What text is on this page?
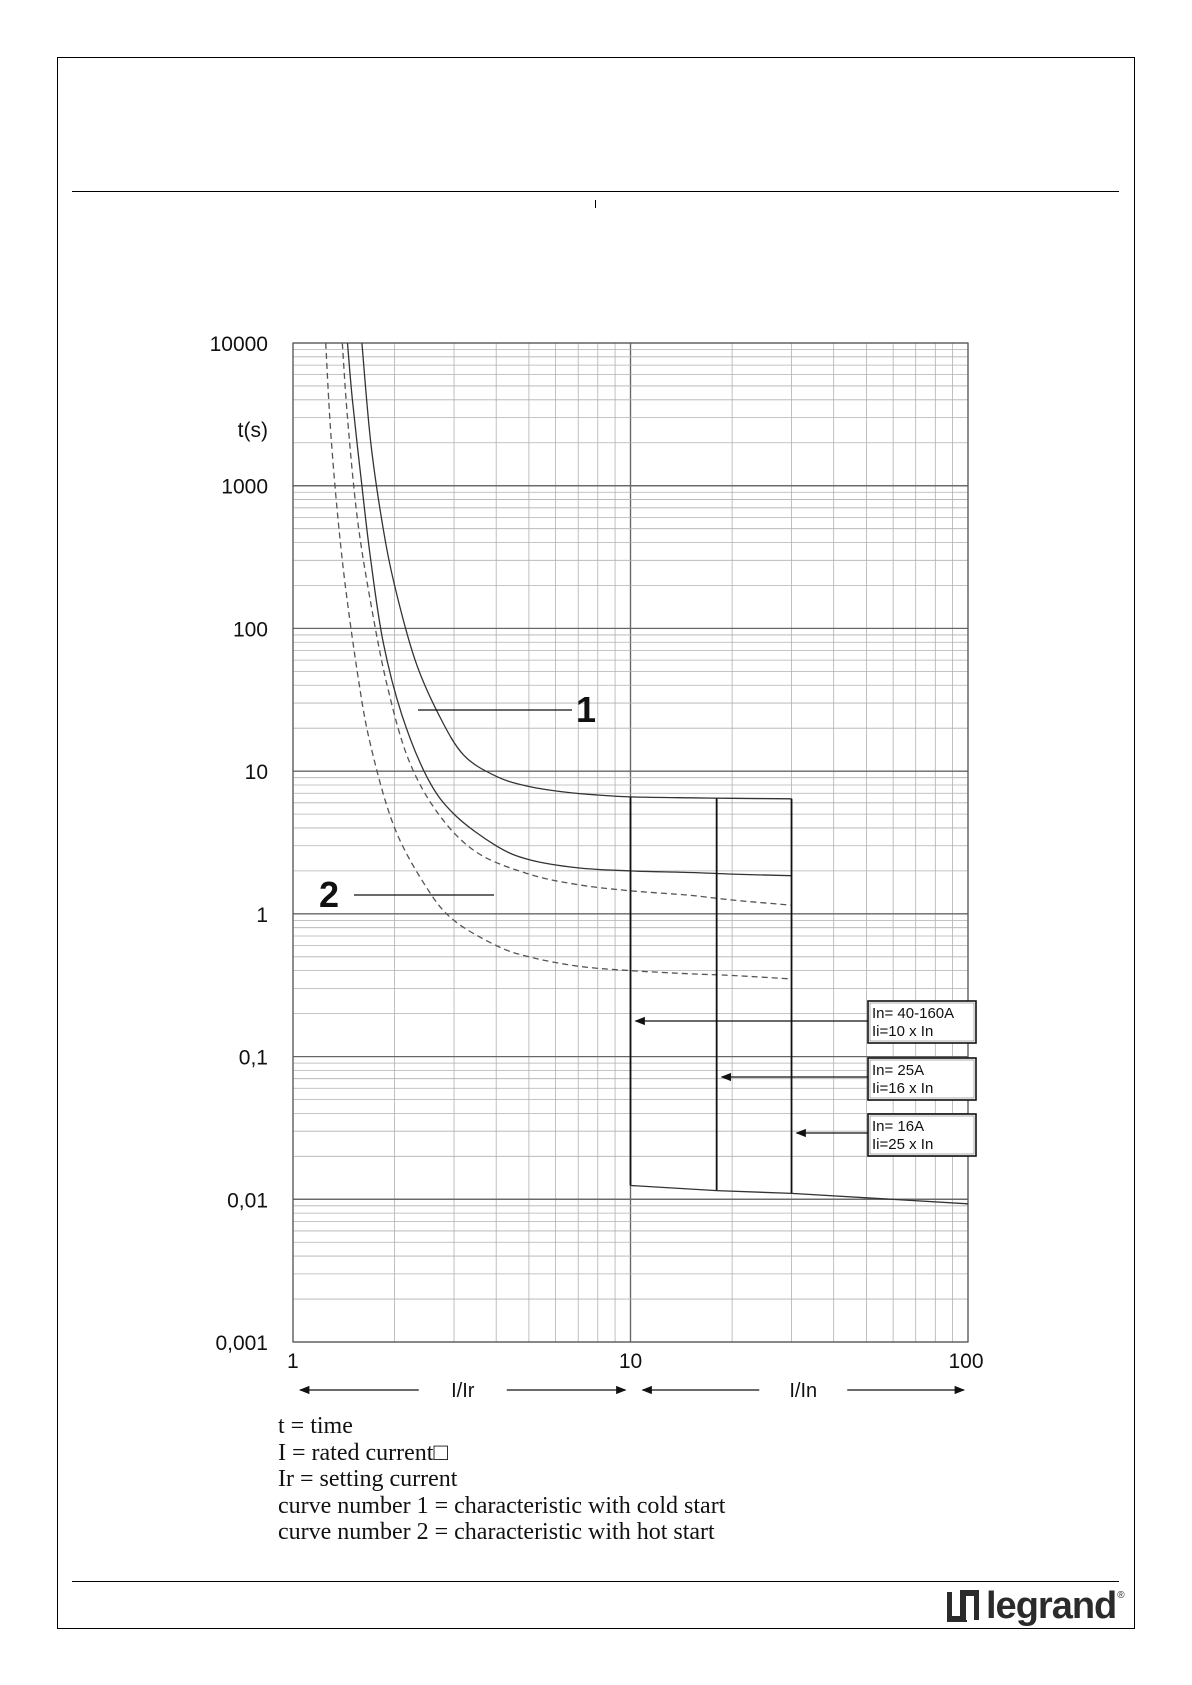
0,001
0,01
0,1
1
10
100
1000
10000
t(s)
1	10	100
I/Ir	I/In
In= 40-160A
Ii=10 x In
In= 25A
Ii=16 x In
In= 16A
Ii=25 x In
1
2
t = time
I = rated current□
Ir = setting current
curve number 1 = characteristic with cold start
curve number 2 = characteristic with hot start
legrand ®
